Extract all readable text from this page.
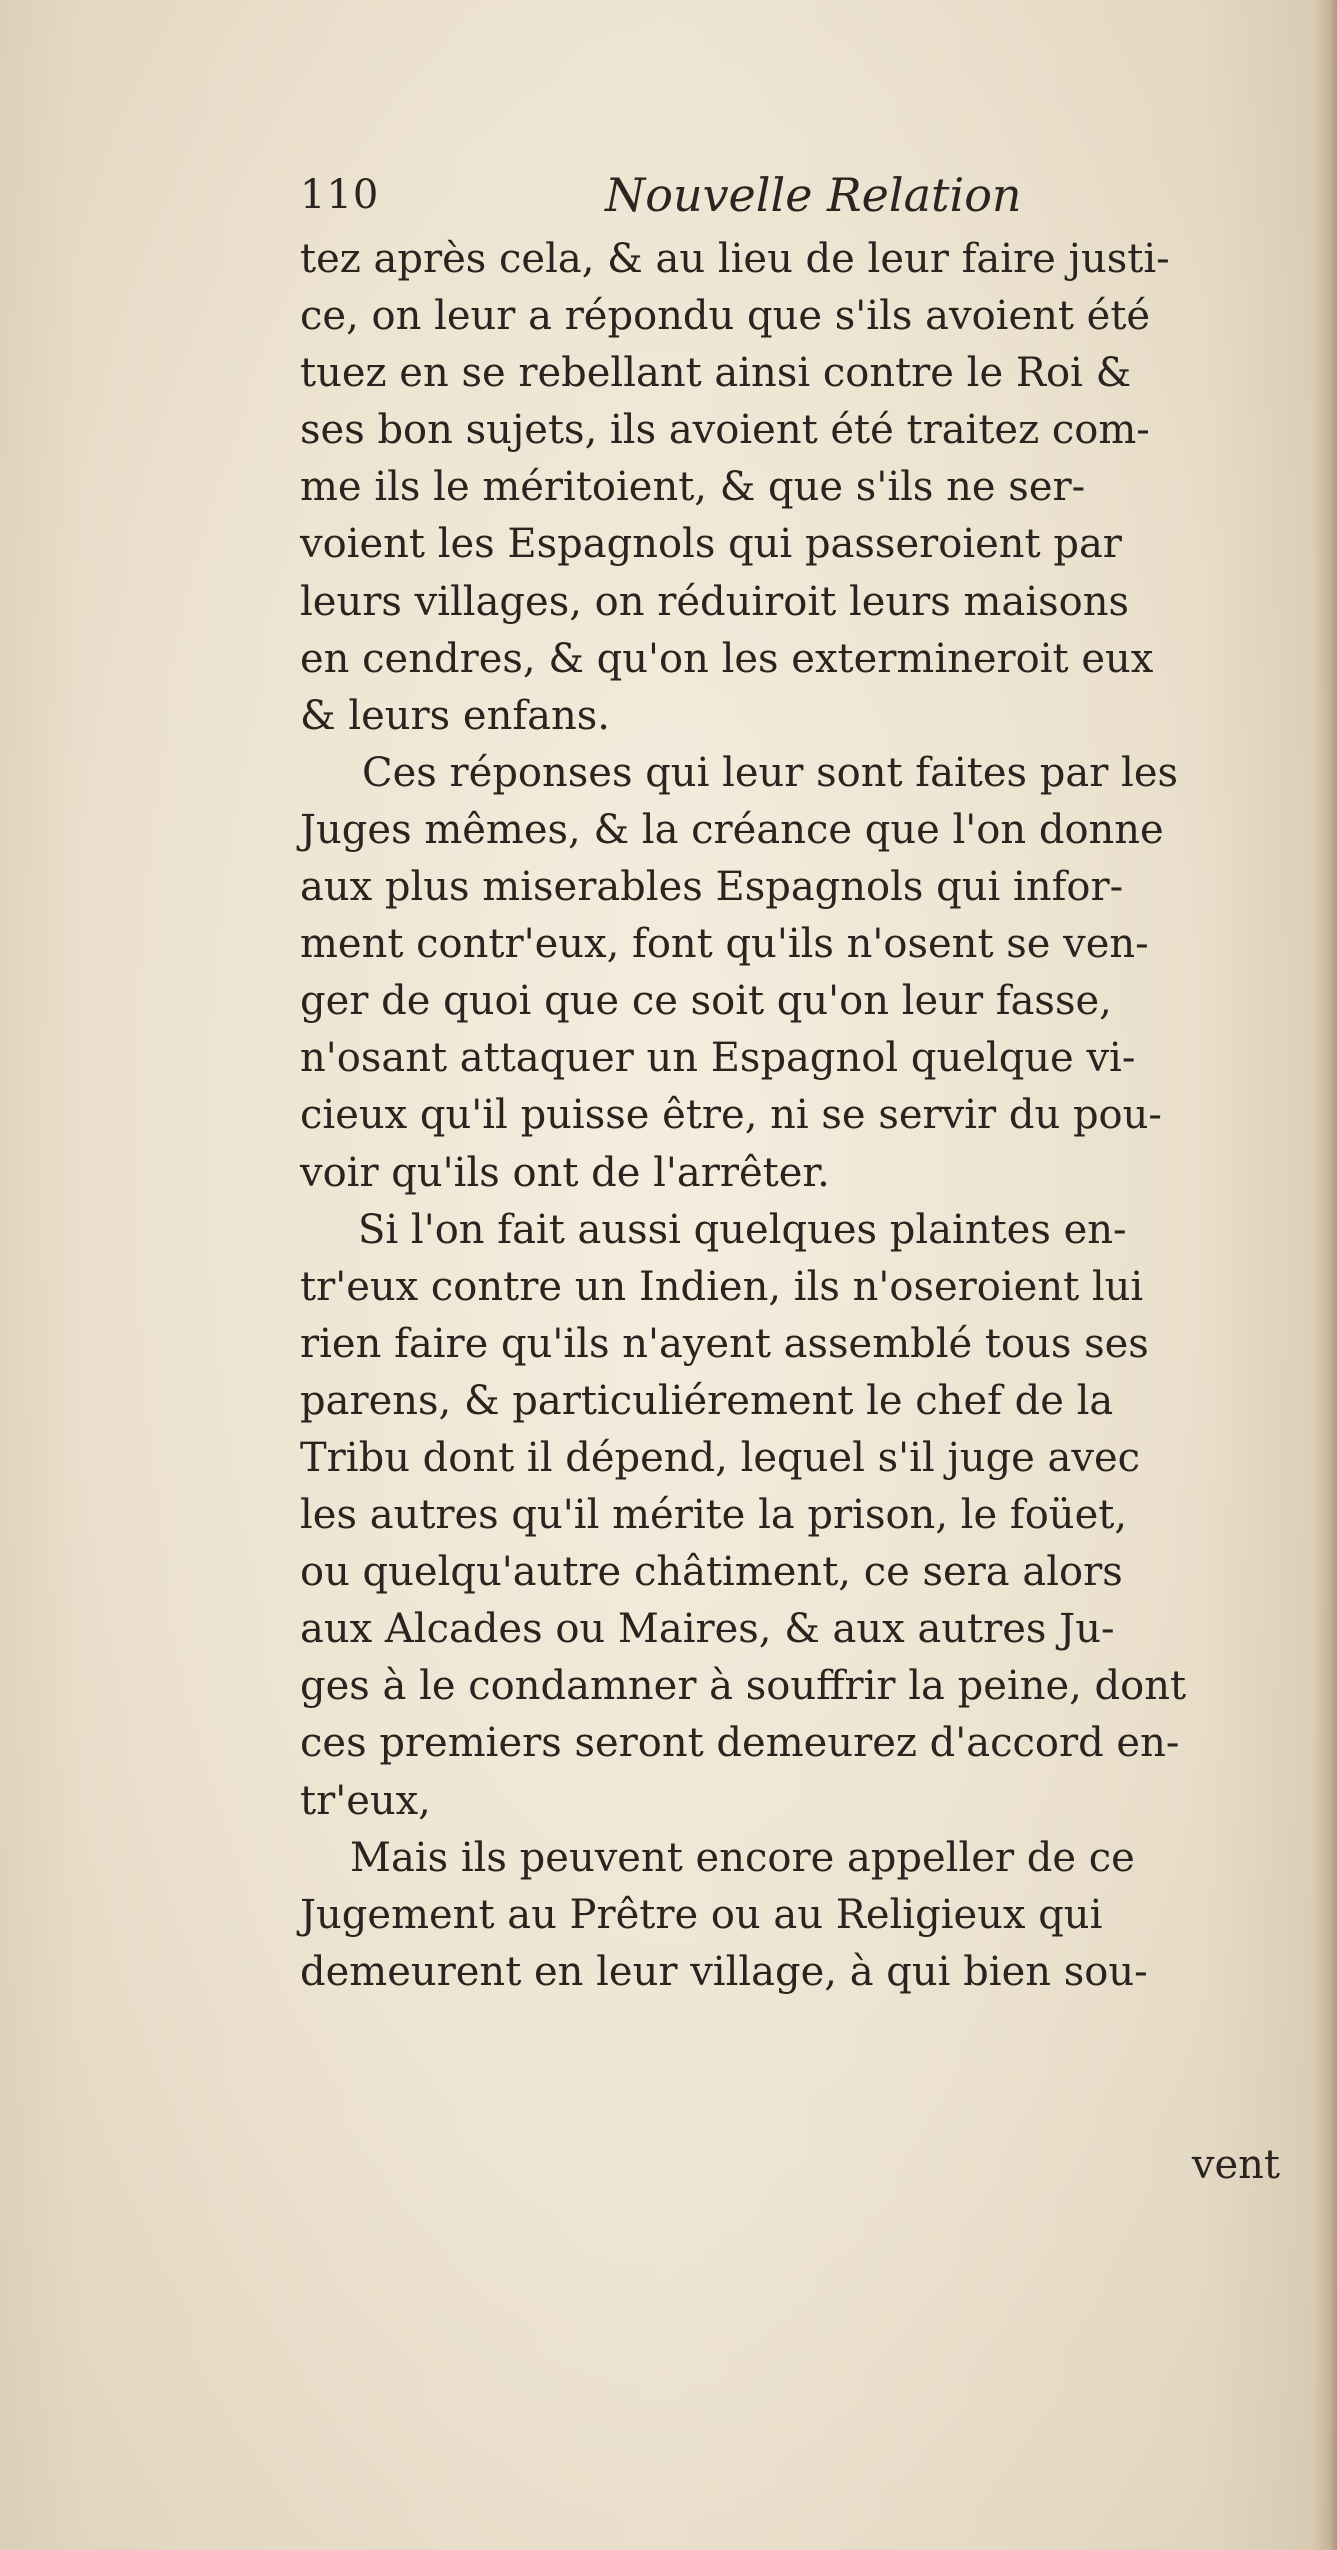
110	Nouvelle Relation
tez après cela, & au lieu de leur faire justi-
ce, on leur a répondu que s'ils avoient été
tuez en se rebellant ainsi contre le Roi &
ses bon sujets, ils avoient été traitez com-
me ils le méritoient, & que s'ils ne ser-
voient les Espagnols qui passeroient par
leurs villages, on réduiroit leurs maisons
en cendres, & qu'on les extermineroit eux
& leurs enfans.
Ces réponses qui leur sont faites par les
Juges mêmes, & la créance que l'on donne
aux plus miserables Espagnols qui infor-
ment contr'eux, font qu'ils n'osent se ven-
ger de quoi que ce soit qu'on leur fasse,
n'osant attaquer un Espagnol quelque vi-
cieux qu'il puisse être, ni se servir du pou-
voir qu'ils ont de l'arrêter.
Si l'on fait aussi quelques plaintes en-
tr'eux contre un Indien, ils n'oseroient lui
rien faire qu'ils n'ayent assemblé tous ses
parens, & particuliérement le chef de la
Tribu dont il dépend, lequel s'il juge avec
les autres qu'il mérite la prison, le foüet,
ou quelqu'autre châtiment, ce sera alors
aux Alcades ou Maires, & aux autres Ju-
ges à le condamner à souffrir la peine, dont
ces premiers seront demeurez d'accord en-
tr'eux,
Mais ils peuvent encore appeller de ce
Jugement au Prêtre ou au Religieux qui
demeurent en leur village, à qui bien sou-
vent
